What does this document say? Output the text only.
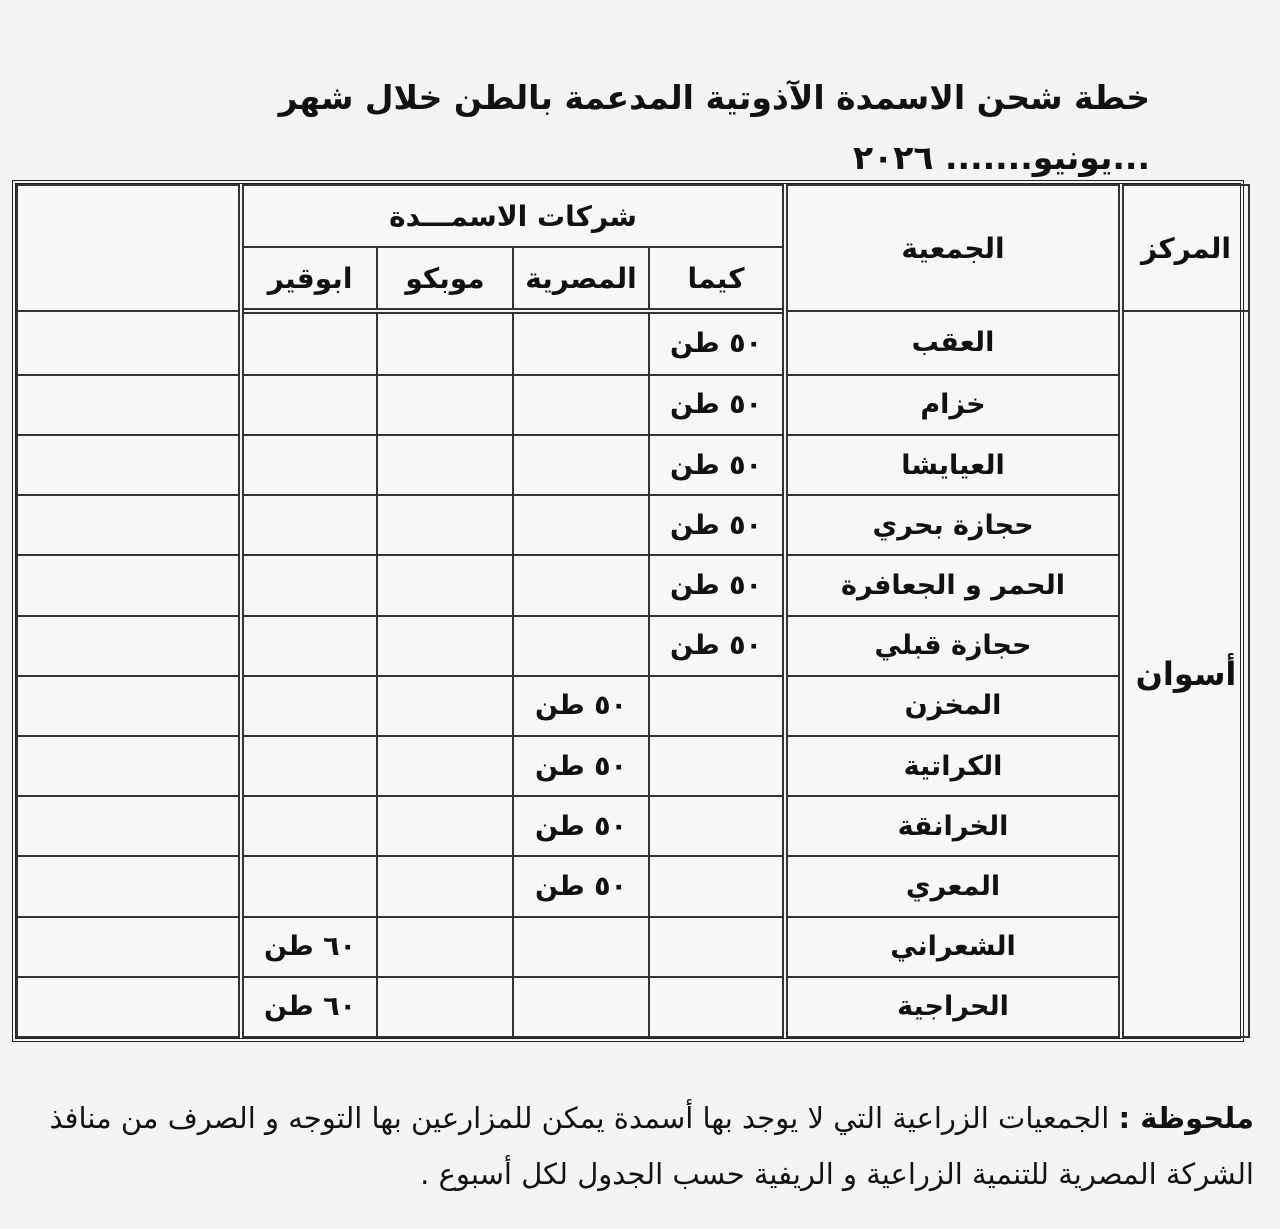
خطة شحن الاسمدة الآذوتية المدعمة بالطن خلال شهر ...يونيو....... ٢٠٢٦
المركز	الجمعية	شركات الاسمـــدة				
		كيما	المصرية	موبكو	ابوقير	
أسوان	العقب	٥٠ طن				
	خزام	٥٠ طن				
	العيايشا	٥٠ طن				
	حجازة بحري	٥٠ طن				
	الحمر و الجعافرة	٥٠ طن				
	حجازة قبلي	٥٠ طن				
	المخزن		٥٠ طن			
	الكراتية		٥٠ طن			
	الخرانقة		٥٠ طن			
	المعري		٥٠ طن			
	الشعراني				٦٠ طن	
	الحراجية				٦٠ طن	
ملحوظة : الجمعيات الزراعية التي لا يوجد بها أسمدة يمكن للمزارعين بها التوجه و الصرف من منافذ الشركة المصرية للتنمية الزراعية و الريفية حسب الجدول لكل أسبوع .
